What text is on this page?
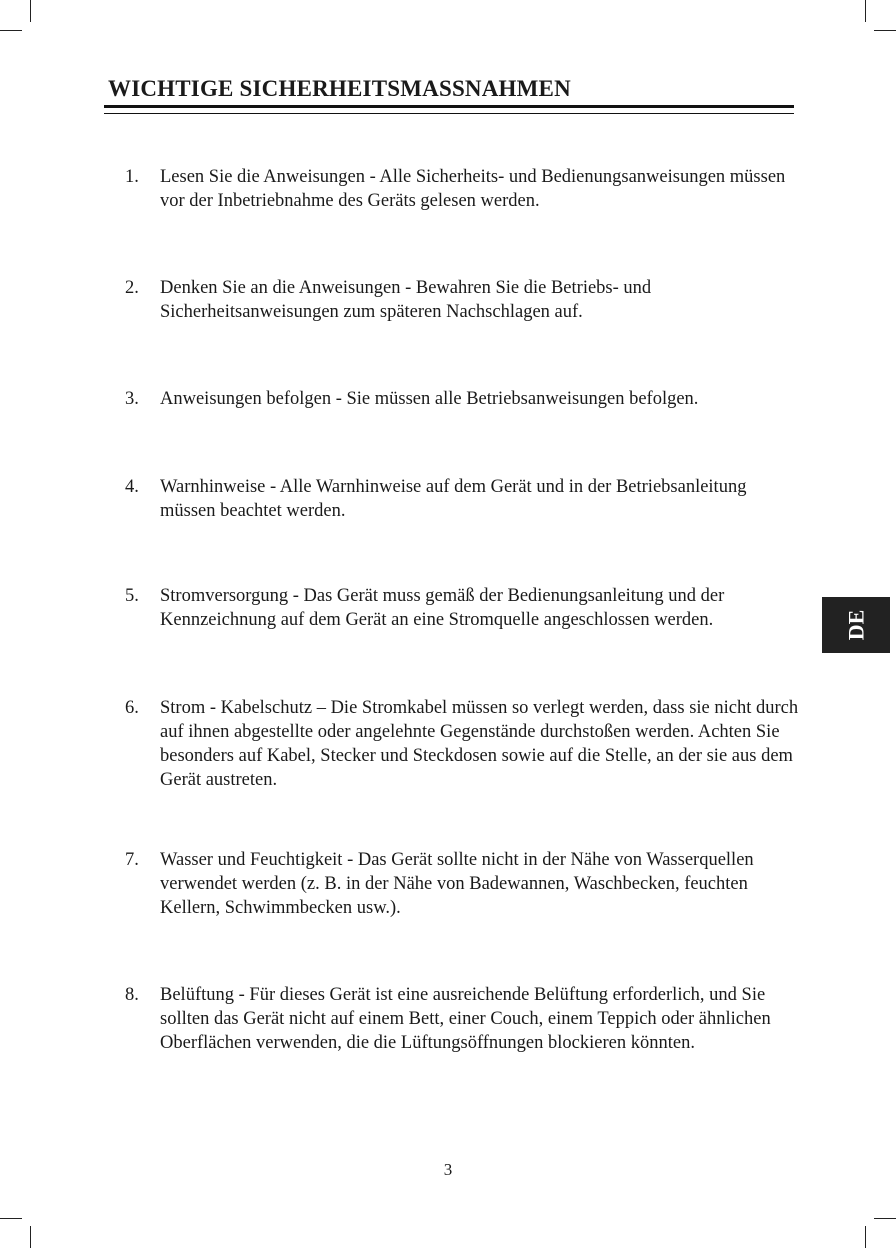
WICHTIGE SICHERHEITSMASSNAHMEN
1. Lesen Sie die Anweisungen - Alle Sicherheits- und Bedienungsanweisungen müssen vor der Inbetriebnahme des Geräts gelesen werden.
2. Denken Sie an die Anweisungen - Bewahren Sie die Betriebs- und Sicherheitsanweisungen zum späteren Nachschlagen auf.
3. Anweisungen befolgen - Sie müssen alle Betriebsanweisungen befolgen.
4. Warnhinweise - Alle Warnhinweise auf dem Gerät und in der Betriebsanleitung müssen beachtet werden.
5. Stromversorgung - Das Gerät muss gemäß der Bedienungsanleitung und der Kennzeichnung auf dem Gerät an eine Stromquelle angeschlossen werden.
6. Strom - Kabelschutz – Die Stromkabel müssen so verlegt werden, dass sie nicht durch auf ihnen abgestellte oder angelehnte Gegenstände durchstoßen werden. Achten Sie besonders auf Kabel, Stecker und Steckdosen sowie auf die Stelle, an der sie aus dem Gerät austreten.
7. Wasser und Feuchtigkeit - Das Gerät sollte nicht in der Nähe von Wasserquellen verwendet werden (z. B. in der Nähe von Badewannen, Waschbecken, feuchten Kellern, Schwimmbecken usw.).
8. Belüftung - Für dieses Gerät ist eine ausreichende Belüftung erforderlich, und Sie sollten das Gerät nicht auf einem Bett, einer Couch, einem Teppich oder ähnlichen Oberflächen verwenden, die die Lüftungsöffnungen blockieren könnten.
DE
3
